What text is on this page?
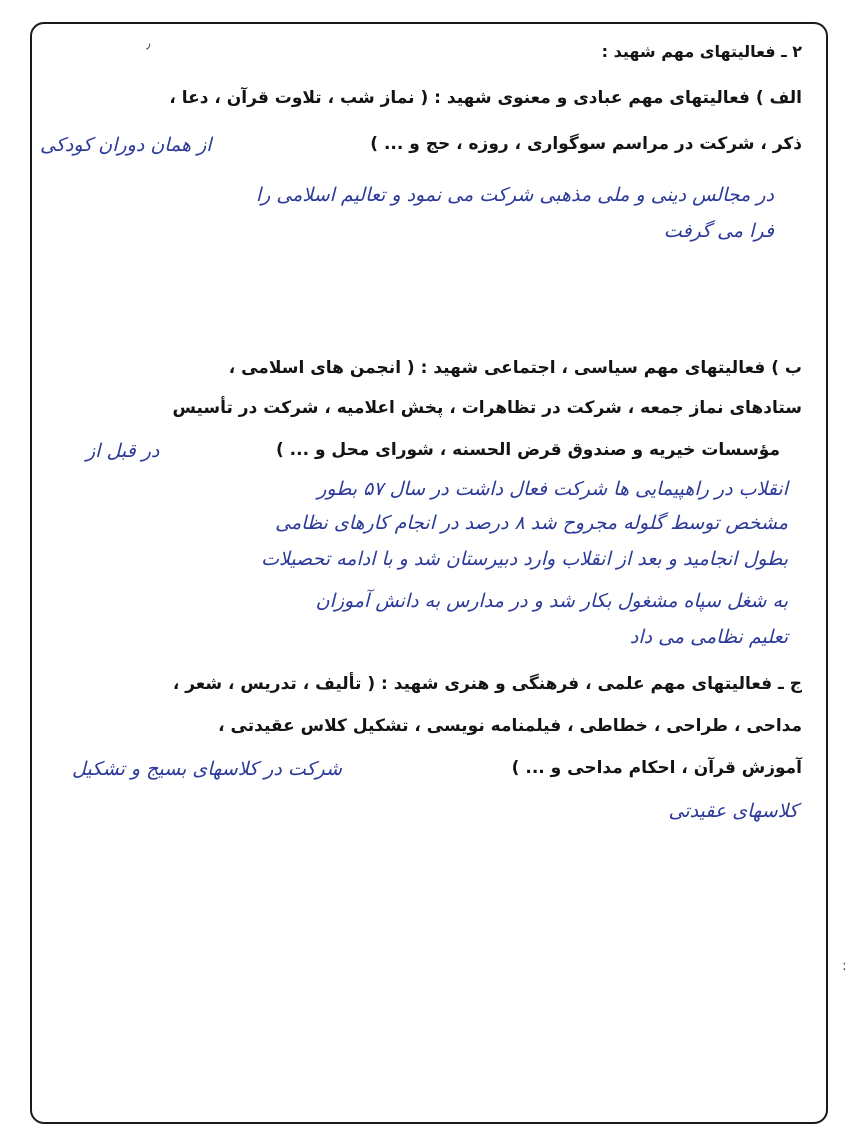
۲ ـ فعالیتهای مهم شهید :
٫
الف ) فعالیتهای مهم عبادی و معنوی شهید : ( نماز شب ، تلاوت قرآن ، دعا ،
ذکر ، شرکت در مراسم سوگواری ، روزه ، حج و ... )
از همان دوران کودکی
در مجالس دینی و ملی مذهبی شرکت می نمود و تعالیم اسلامی را
فرا می گرفت
ب ) فعالیتهای مهم سیاسی ، اجتماعی شهید : ( انجمن های اسلامی ،
ستادهای نماز جمعه ، شرکت در تظاهرات ، پخش اعلامیه ، شرکت در تأسیس
مؤسسات خیریه و صندوق قرض الحسنه ، شورای محل و ... )
در قبل از
انقلاب در راهپیمایی ها شرکت فعال داشت در سال ۵۷ بطور
مشخص توسط گلوله مجروح شد ۸ درصد در انجام کارهای نظامی
بطول انجامید و بعد از انقلاب وارد دبیرستان شد و با ادامه تحصیلات
به شغل سپاه مشغول بکار شد و در مدارس به دانش آموزان
تعلیم نظامی می داد
ج ـ فعالیتهای مهم علمی ، فرهنگی و هنری شهید : ( تألیف ، تدریس ، شعر ،
مداحی ، طراحی ، خطاطی ، فیلمنامه نویسی ، تشکیل کلاس عقیدتی ،
آموزش قرآن ، احکام مداحی و ... )
شرکت در کلاسهای بسیج و تشکیل
کلاسهای عقیدتی
:
